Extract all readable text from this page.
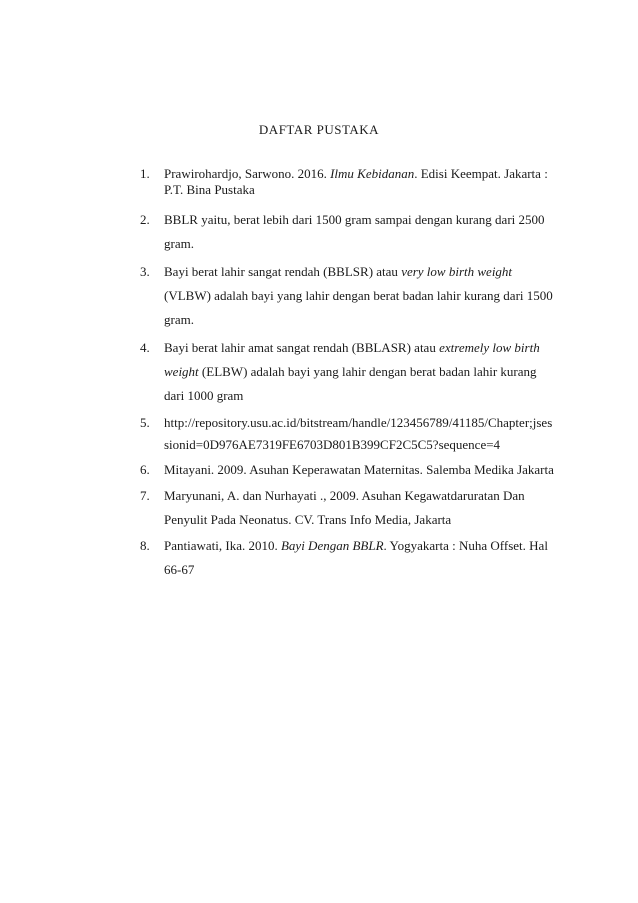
DAFTAR PUSTAKA
1. Prawirohardjo, Sarwono. 2016. Ilmu Kebidanan. Edisi Keempat. Jakarta :
P.T. Bina Pustaka
2. BBLR yaitu, berat lebih dari 1500 gram sampai dengan kurang dari 2500
gram.
3. Bayi berat lahir sangat rendah (BBLSR) atau very low birth weight
(VLBW) adalah bayi yang lahir dengan berat badan lahir kurang dari 1500
gram.
4. Bayi berat lahir amat sangat rendah (BBLASR) atau extremely low birth
weight (ELBW) adalah bayi yang lahir dengan berat badan lahir kurang
dari 1000 gram
5. http://repository.usu.ac.id/bitstream/handle/123456789/41185/Chapter;jses
sionid=0D976AE7319FE6703D801B399CF2C5C5?sequence=4
6. Mitayani. 2009. Asuhan Keperawatan Maternitas. Salemba Medika Jakarta
7. Maryunani, A. dan Nurhayati ., 2009. Asuhan Kegawatdaruratan Dan
Penyulit Pada Neonatus. CV. Trans Info Media, Jakarta
8. Pantiawati, Ika. 2010. Bayi Dengan BBLR. Yogyakarta : Nuha Offset. Hal
66-67
